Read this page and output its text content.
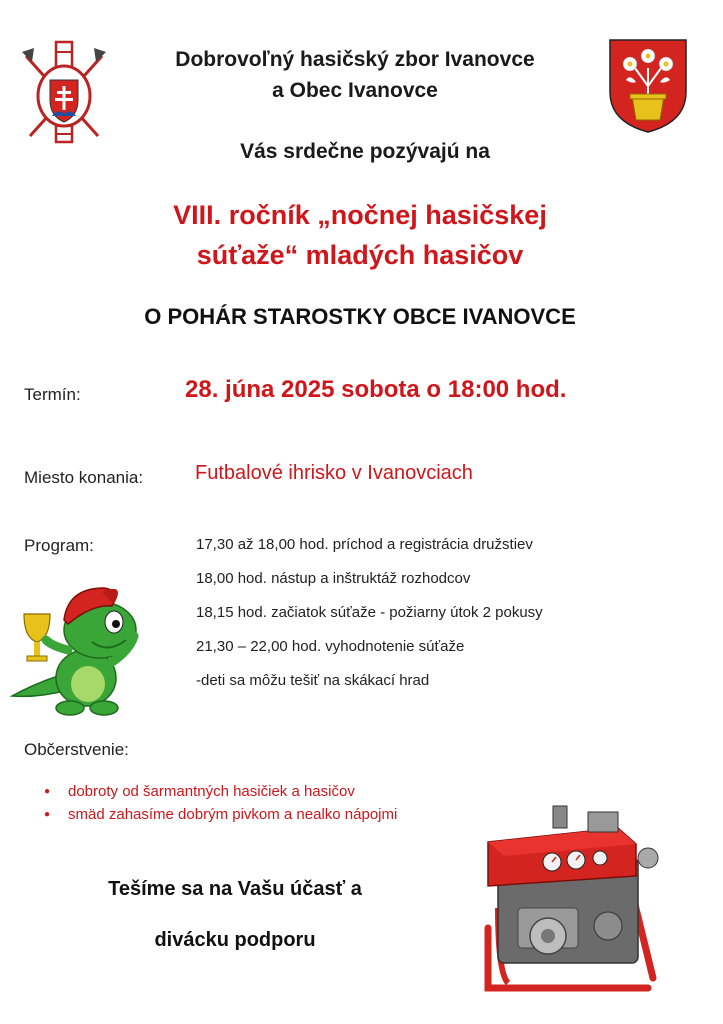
Dobrovoľný hasičský zbor Ivanovce
a Obec Ivanovce
Vás srdečne pozývajú na
VIII. ročník „nočnej hasičskej
súťaže“ mladých hasičov
O POHÁR STAROSTKY OBCE IVANOVCE
Termín:	28. júna 2025 sobota o 18:00 hod.
Miesto konania:	Futbalové ihrisko v Ivanovciach
Program:	17,30 až 18,00 hod. príchod a registrácia družstiev
18,00 hod. nástup a inštruktáž rozhodcov
18,15 hod. začiatok súťaže - požiarny útok 2 pokusy
21,30 – 22,00 hod. vyhodnotenie súťaže
-deti sa môžu tešiť na skákací hrad
Občerstvenie:
● dobroty od šarmantných hasičiek a hasičov
● smäd zahasíme dobrým pivkom a nealko nápojmi
Tešíme sa na Vašu účasť a
divácku podporu
